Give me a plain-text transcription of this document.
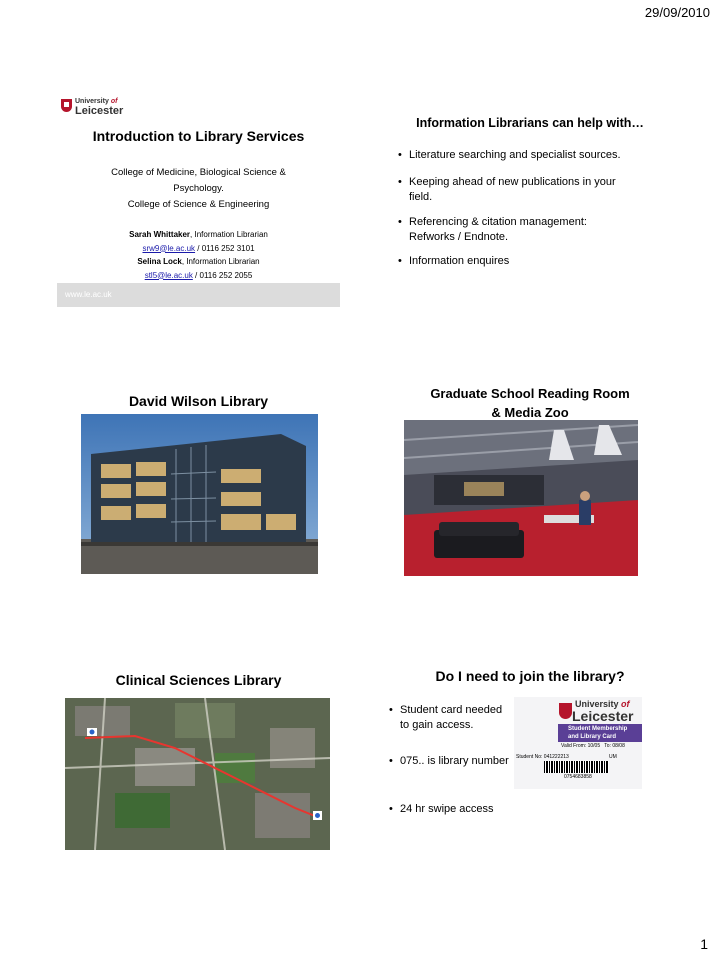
29/09/2010
1
University of
Leicester
Introduction to Library Services
College of Medicine, Biological Science &
Psychology.
College of Science & Engineering
Sarah Whittaker, Information Librarian
srw9@le.ac.uk / 0116 252 3101
Selina Lock, Information Librarian
stl5@le.ac.uk / 0116 252 2055
www.le.ac.uk
Information Librarians can help with…
• Literature searching and specialist sources.
• Keeping ahead of new publications in your
field.
• Referencing & citation management:
Refworks / Endnote.
• Information enquires
David Wilson Library	Graduate School Reading Room
& Media Zoo
Clinical Sciences Library	Do I need to join the library?
• Student card needed
to gain access.
• 075.. is library number
• 24 hr swipe access
University of
Leicester
Student Membership
and Library Card
Valid From: 10/05 To: 08/08
Student No: 041222213	UM
0754683858
